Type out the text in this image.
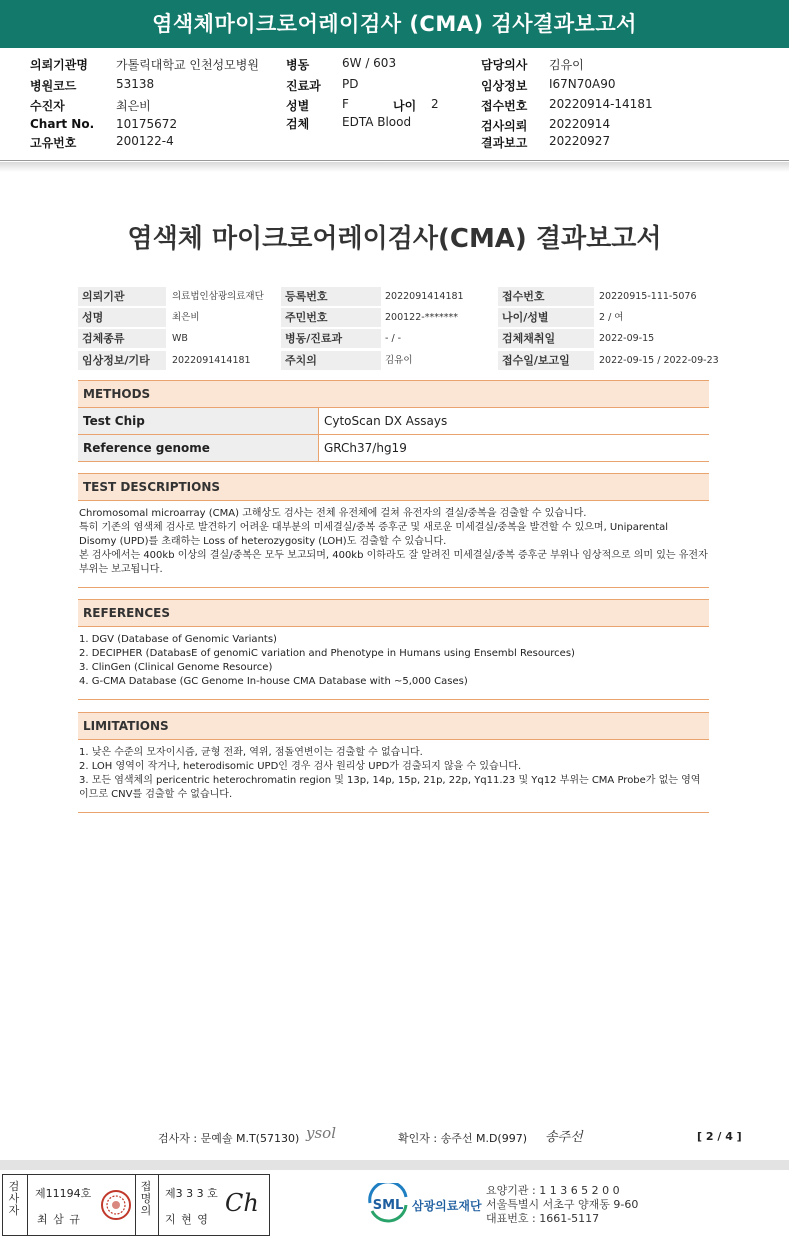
염색체마이크로어레이검사 (CMA) 검사결과보고서
의뢰기관명 가톨릭대학교 인천성모병원
병원코드	53138
수진자	최은비
Chart No. 10175672
고유번호	200122-4
병동	6W / 603
진료과 PD
성별	F	나이 2
검체	EDTA Blood
담당의사 김유이
임상정보 I67N70A90
접수번호 20220914-14181
검사의뢰 20220914
결과보고 20220927
염색체 마이크로어레이검사(CMA) 결과보고서
의뢰기관	의료법인삼광의료재단	등록번호	2022091414181	접수번호	20220915-111-5076
성명	최은비	주민번호	200122-*******	나이/성별	2 / 여
검체종류	WB	병동/진료과	- / -	검체채취일	2022-09-15
임상정보/기타	2022091414181	주치의	김유이	접수일/보고일	2022-09-15 / 2022-09-23
METHODS
Test Chip	CytoScan DX Assays
Reference genome	GRCh37/hg19
TEST DESCRIPTIONS

Chromosomal microarray (CMA) 고해상도 검사는 전체 유전체에 걸쳐 유전자의 결실/중복을 검출할 수 있습니다.

특히 기존의 염색체 검사로 발견하기 어려운 대부분의 미세결실/중복 증후군 및 새로운 미세결실/중복을 발견할 수 있으며, Uniparental Disomy (UPD)를 초래하는 Loss of heterozygosity (LOH)도 검출할 수 있습니다.

본 검사에서는 400kb 이상의 결실/중복은 모두 보고되며, 400kb 이하라도 잘 알려진 미세결실/중복 증후군 부위나 임상적으로 의미 있는 유전자 부위는 보고됩니다.

REFERENCES

1. DGV (Database of Genomic Variants)

2. DECIPHER (DatabasE of genomiC variation and Phenotype in Humans using Ensembl Resources)

3. ClinGen (Clinical Genome Resource)

4. G-CMA Database (GC Genome In-house CMA Database with ~5,000 Cases)

LIMITATIONS

1. 낮은 수준의 모자이시즘, 균형 전좌, 역위, 점돌연변이는 검출할 수 없습니다.

2. LOH 영역이 작거나, heterodisomic UPD인 경우 검사 원리상 UPD가 검출되지 않을 수 있습니다.

3. 모든 염색체의 pericentric heterochromatin region 및 13p, 14p, 15p, 21p, 22p, Yq11.23 및 Yq12 부위는 CMA Probe가 없는 영역이므로 CNV를 검출할 수 없습니다.

검사자 : 문예솔 M.T(57130) ysol	확인자 : 송주선 M.D(997) 송주선	[ 2 / 4 ]
검사자
제11194호
최 삼 규
접명의
제3 3 3 호
지 현 영
Ch	SML 삼광의료재단
요양기관 : 1 1 3 6 5 2 0 0
서울특별시 서초구 양재동 9-60
대표번호 : 1661-5117
